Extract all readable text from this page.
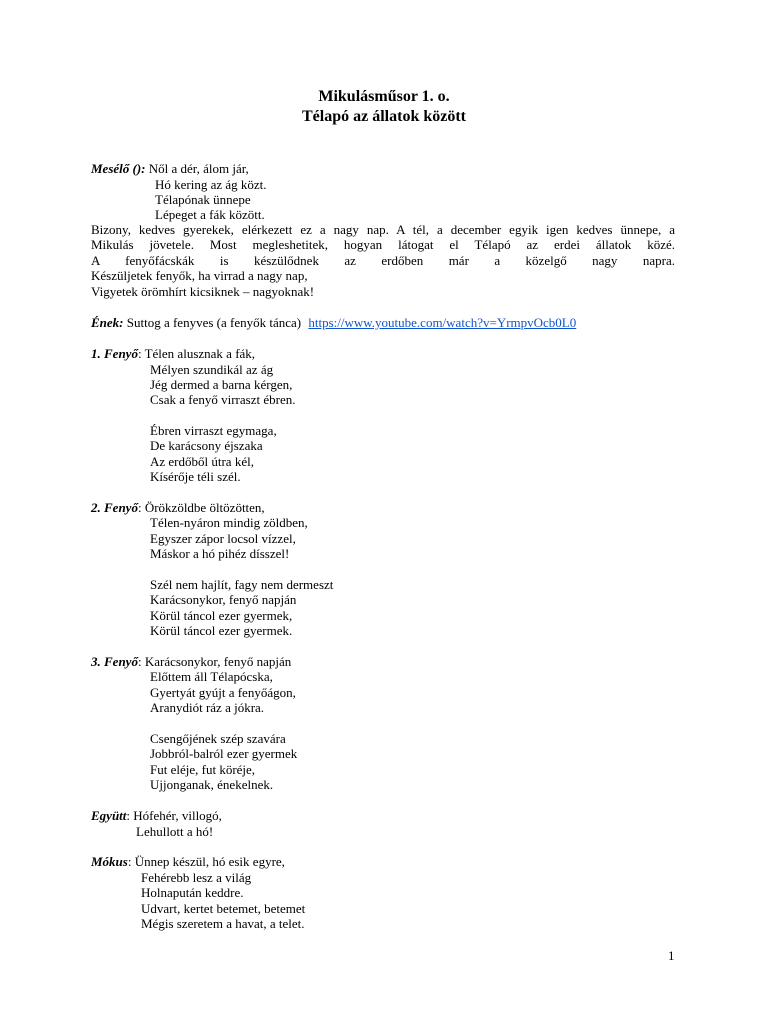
Mikulásműsor 1. o.
Télapó az állatok között
Mesélő (): Nől a dér, álom jár,
Hó kering az ág közt.
Télapónak ünnepe
Lépeget a fák között.
Bizony, kedves gyerekek, elérkezett ez a nagy nap. A tél, a december egyik igen kedves ünnepe, a
Mikulás jövetele. Most megleshetitek, hogyan látogat el Télapó az erdei állatok közé.
A fenyőfácskák is készülődnek az erdőben már a közelgő nagy napra.
Készüljetek fenyők, ha virrad a nagy nap,
Vigyetek örömhírt kicsiknek – nagyoknak!
Ének: Suttog a fenyves (a fenyők tánca) https://www.youtube.com/watch?v=YrmpvOcb0L0
1. Fenyő: Télen alusznak a fák,
Mélyen szundikál az ág
Jég dermed a barna kérgen,
Csak a fenyő virraszt ébren.
Ébren virraszt egymaga,
De karácsony éjszaka
Az erdőből útra kél,
Kísérője téli szél.
2. Fenyő: Örökzöldbe öltözötten,
Télen-nyáron mindig zöldben,
Egyszer zápor locsol vízzel,
Máskor a hó pihéz dísszel!
Szél nem hajlít, fagy nem dermeszt
Karácsonykor, fenyő napján
Körül táncol ezer gyermek,
Körül táncol ezer gyermek.
3. Fenyő: Karácsonykor, fenyő napján
Előttem áll Télapócska,
Gyertyát gyújt a fenyőágon,
Aranydiót ráz a jókra.
Csengőjének szép szavára
Jobbról-balról ezer gyermek
Fut eléje, fut köréje,
Ujjonganak, énekelnek.
Együtt: Hófehér, villogó,
Lehullott a hó!
Mókus: Ünnep készül, hó esik egyre,
Fehérebb lesz a világ
Holnapután keddre.
Udvart, kertet betemet, betemet
Mégis szeretem a havat, a telet.
1
